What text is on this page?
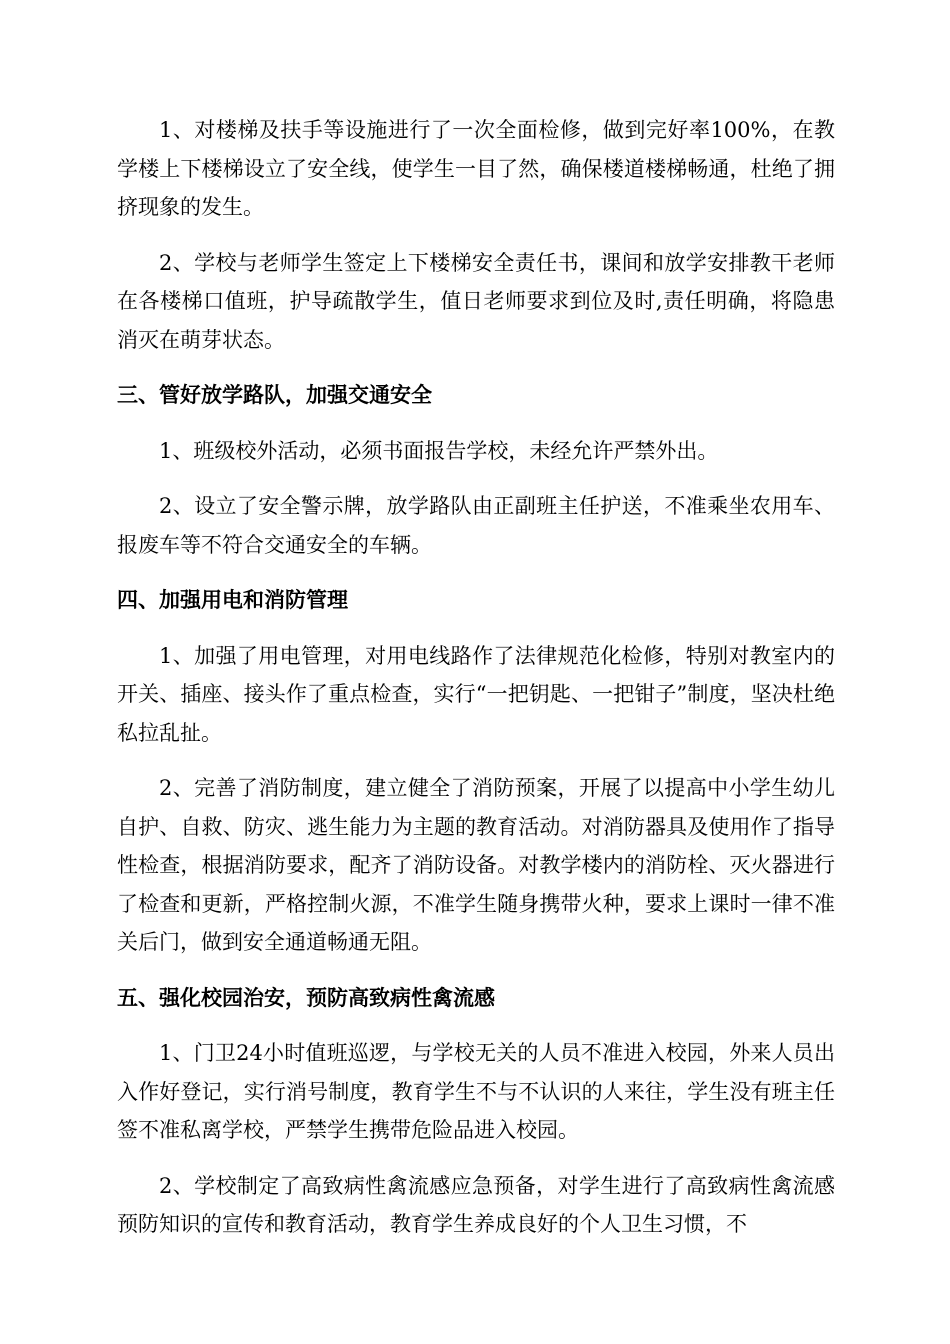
1、对楼梯及扶手等设施进行了一次全面检修，做到完好率100%，在教学楼上下楼梯设立了安全线，使学生一目了然，确保楼道楼梯畅通，杜绝了拥挤现象的发生。

2、学校与老师学生签定上下楼梯安全责任书，课间和放学安排教干老师在各楼梯口值班，护导疏散学生，值日老师要求到位及时,责任明确，将隐患消灭在萌芽状态。

三、管好放学路队，加强交通安全

1、班级校外活动，必须书面报告学校，未经允许严禁外出。

2、设立了安全警示牌，放学路队由正副班主任护送，不准乘坐农用车、报废车等不符合交通安全的车辆。

四、加强用电和消防管理

1、加强了用电管理，对用电线路作了法律规范化检修，特别对教室内的开关、插座、接头作了重点检查，实行“一把钥匙、一把钳子”制度，坚决杜绝私拉乱扯。

2、完善了消防制度，建立健全了消防预案，开展了以提高中小学生幼儿自护、自救、防灾、逃生能力为主题的教育活动。对消防器具及使用作了指导性检查，根据消防要求，配齐了消防设备。对教学楼内的消防栓、灭火器进行了检查和更新，严格控制火源，不准学生随身携带火种，要求上课时一律不准关后门，做到安全通道畅通无阻。

五、强化校园治安，预防高致病性禽流感

1、门卫24小时值班巡逻，与学校无关的人员不准进入校园，外来人员出入作好登记，实行消号制度，教育学生不与不认识的人来往，学生没有班主任签不准私离学校，严禁学生携带危险品进入校园。

2、学校制定了高致病性禽流感应急预备，对学生进行了高致病性禽流感预防知识的宣传和教育活动，教育学生养成良好的个人卫生习惯，不
